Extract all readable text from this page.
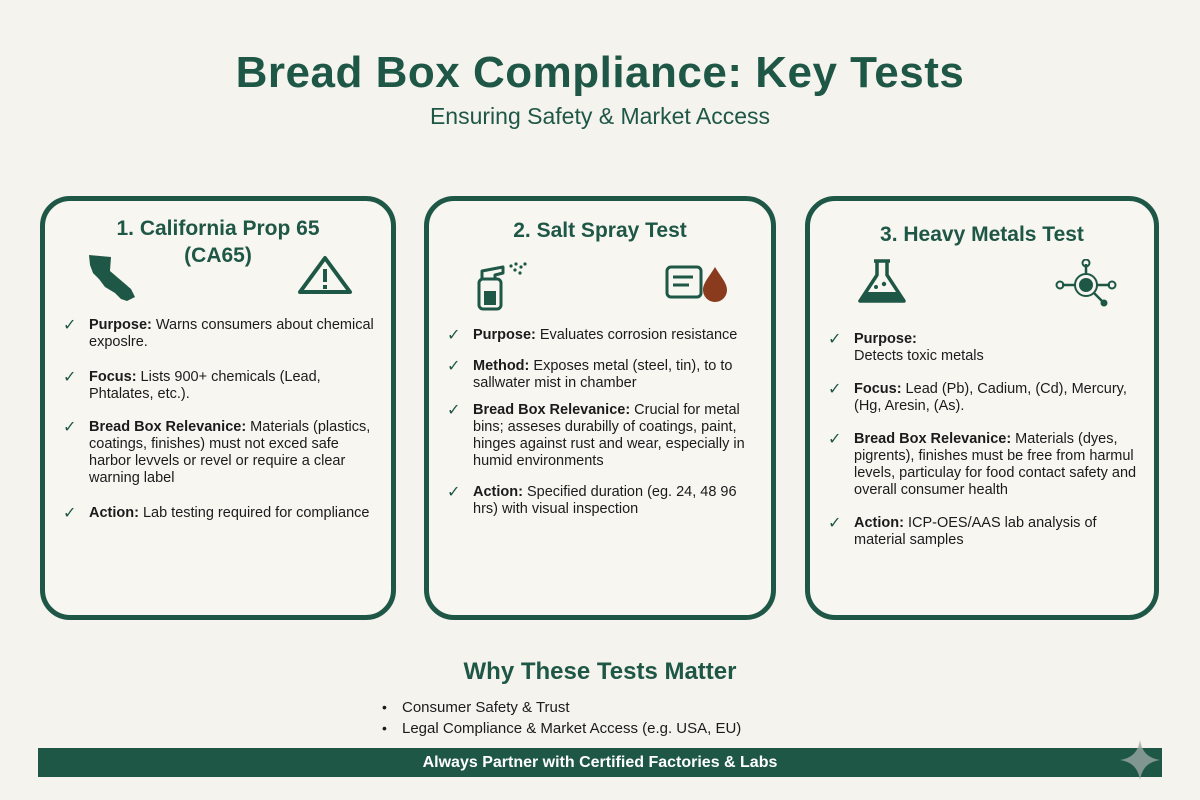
Bread Box Compliance: Key Tests
Ensuring Safety & Market Access
1. California Prop 65
(CA65)
✓ Purpose: Warns consumers about chemical exposlre.
✓ Focus: Lists 900+ chemicals (Lead, Phtalates, etc.).
✓ Bread Box Relevanice: Materials (plastics, coatings, finishes) must not exced safe harbor levvels or revel or require a clear warning label
✓ Action: Lab testing required for compliance
2. Salt Spray Test
✓ Purpose: Evaluates corrosion resistance
✓ Method: Exposes metal (steel, tin), to to sallwater mist in chamber
✓ Bread Box Relevanice: Crucial for metal bins; asseses durabilly of coatings, paint, hinges against rust and wear, especially in humid environments
✓ Action: Specified duration (eg. 24, 48 96 hrs) with visual inspection
3. Heavy Metals Test
✓ Purpose:
Detects toxic metals
✓ Focus: Lead (Pb), Cadium, (Cd), Mercury, (Hg, Aresin, (As).
✓ Bread Box Relevanice: Materials (dyes, pigrents), finishes must be free from harmul levels, particulay for food contact safety and overall consumer health
✓ Action: ICP-OES/AAS lab analysis of material samples
Why These Tests Matter
• Consumer Safety & Trust
• Legal Compliance & Market Access (e.g. USA, EU)
Always Partner with Certified Factories & Labs
